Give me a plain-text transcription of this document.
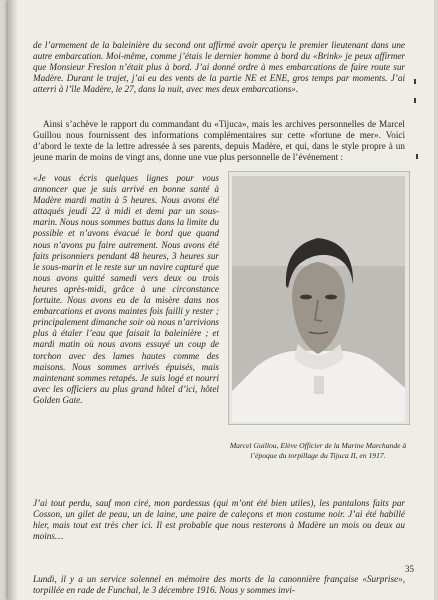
de l’armement de la baleinière du second ont affirmé avoir aperçu le premier lieutenant dans une autre embarcation. Moi-même, comme j’étais le dernier homme à bord du «Brink» je peux affirmer que Monsieur Freslon n’était plus à bord. J’ai donné ordre à mes embarcations de faire route sur Madère. Durant le trajet, j’ai eu des vents de la partie NE et ENE, gros temps par moments. J’ai atterri à l’île Madère, le 27, dans la nuit, avec mes deux embarcations».
Ainsi s’achève le rapport du commandant du «Tijuca», mais les archives personnelles de Marcel Guillou nous fournissent des informations complémentaires sur cette «fortune de mer». Voici d’abord le texte de la lettre adressée à ses parents, depuis Madère, et qui, dans le style propre à un jeune marin de moins de vingt ans, donne une vue plus personnelle de l’événement :
«Je vous écris quelques lignes pour vous annoncer que je suis arrivé en bonne santé à Madère mardi matin à 5 heures. Nous avons été attaqués jeudi 22 à midi et demi par un sous-marin. Nous nous sommes battus dans la limite du possible et n’avons évacué le bord que quand nous n’avons pu faire autrement. Nous avons été faits prisonniers pendant 48 heures, 3 heures sur le sous-marin et le reste sur un navire capturé que nous avons quitté samedi vers deux ou trois heures après-midi, grâce à une circonstance fortuite. Nous avons eu de la misère dans nos embarcations et avons maintes fois failli y rester ; principalement dimanche soir où nous n’arrivions plus à étaler l’eau que faisait la baleinière ; et mardi matin où nous avons essuyé un coup de torchon avec des lames hautes comme des maisons. Nous sommes arrivés épuisés, mais maintenant sommes retapés. Je suis logé et nourri avec les officiers au plus grand hôtel d’ici, hôtel Golden Gate.
Marcel Guillou, Elève Officier de la Marine Marchande à l’époque du torpillage du Tijuca II, en 1917.
J’ai tout perdu, sauf mon ciré, mon pardessus (qui m’ont été bien utiles), les pantalons faits par Cosson, un gilet de peau, un de laine, une paire de caleçons et mon costume noir. J’ai été habillé hier, mais tout est très cher ici. Il est probable que nous resterons à Madère un mois ou deux au moins…
Lundi, il y a un service solennel en mémoire des morts de la canonnière française «Surprise», torpillée en rade de Funchal, le 3 décembre 1916. Nous y sommes invi-
35
